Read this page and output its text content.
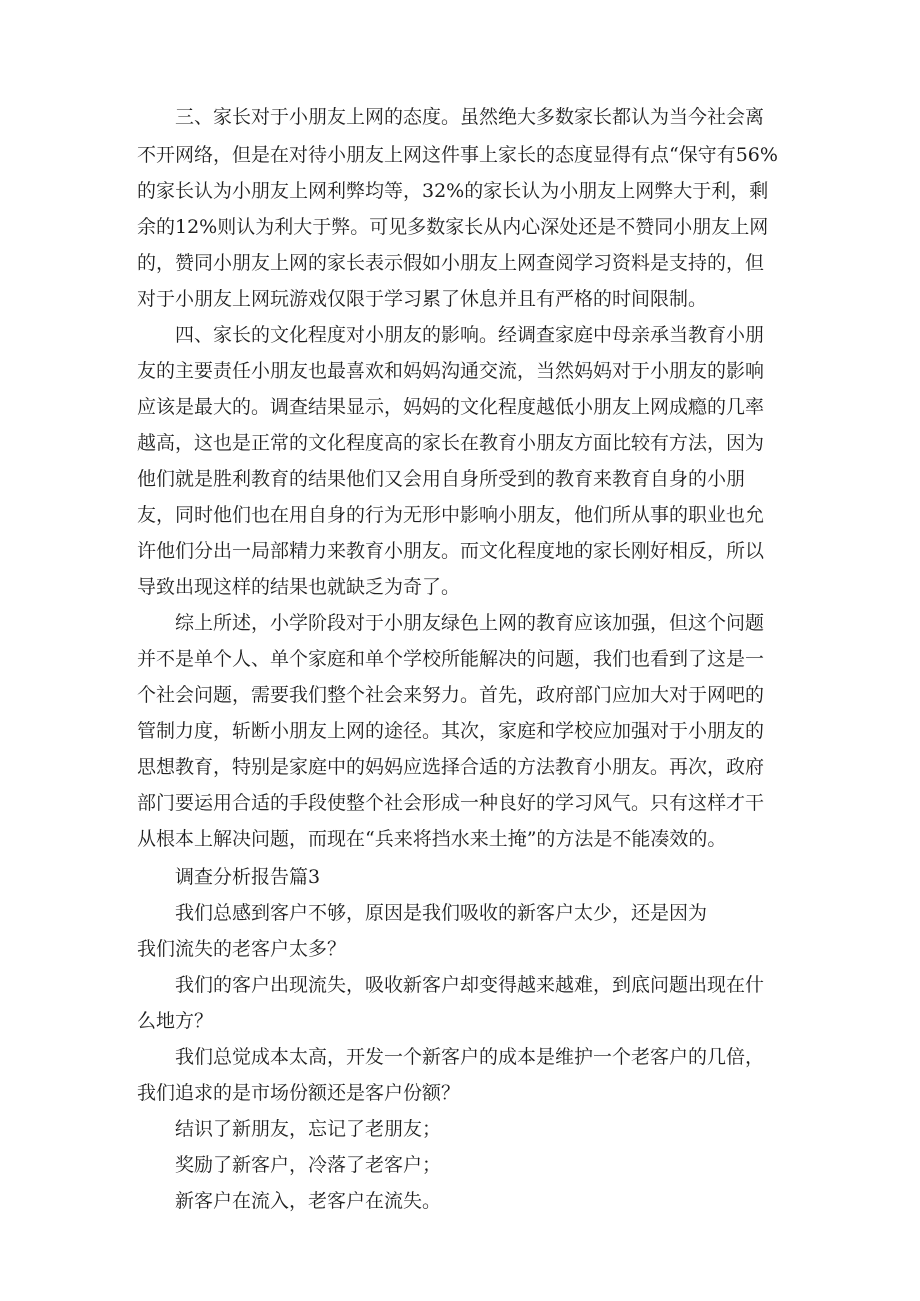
三、家长对于小朋友上网的态度。虽然绝大多数家长都认为当今社会离
不开网络，但是在对待小朋友上网这件事上家长的态度显得有点“保守有56%
的家长认为小朋友上网利弊均等，32%的家长认为小朋友上网弊大于利，剩
余的12%则认为利大于弊。可见多数家长从内心深处还是不赞同小朋友上网
的，赞同小朋友上网的家长表示假如小朋友上网查阅学习资料是支持的，但
对于小朋友上网玩游戏仅限于学习累了休息并且有严格的时间限制。
四、家长的文化程度对小朋友的影响。经调查家庭中母亲承当教育小朋
友的主要责任小朋友也最喜欢和妈妈沟通交流，当然妈妈对于小朋友的影响
应该是最大的。调查结果显示，妈妈的文化程度越低小朋友上网成瘾的几率
越高，这也是正常的文化程度高的家长在教育小朋友方面比较有方法，因为
他们就是胜利教育的结果他们又会用自身所受到的教育来教育自身的小朋
友，同时他们也在用自身的行为无形中影响小朋友，他们所从事的职业也允
许他们分出一局部精力来教育小朋友。而文化程度地的家长刚好相反，所以
导致出现这样的结果也就缺乏为奇了。
综上所述，小学阶段对于小朋友绿色上网的教育应该加强，但这个问题
并不是单个人、单个家庭和单个学校所能解决的问题，我们也看到了这是一
个社会问题，需要我们整个社会来努力。首先，政府部门应加大对于网吧的
管制力度，斩断小朋友上网的途径。其次，家庭和学校应加强对于小朋友的
思想教育，特别是家庭中的妈妈应选择合适的方法教育小朋友。再次，政府
部门要运用合适的手段使整个社会形成一种良好的学习风气。只有这样才干
从根本上解决问题，而现在“兵来将挡水来土掩”的方法是不能凑效的。
调查分析报告篇3
我们总感到客户不够，原因是我们吸收的新客户太少，还是因为
我们流失的老客户太多？
我们的客户出现流失，吸收新客户却变得越来越难，到底问题出现在什
么地方？
我们总觉成本太高，开发一个新客户的成本是维护一个老客户的几倍，
我们追求的是市场份额还是客户份额？
结识了新朋友，忘记了老朋友；
奖励了新客户，冷落了老客户；
新客户在流入，老客户在流失。
